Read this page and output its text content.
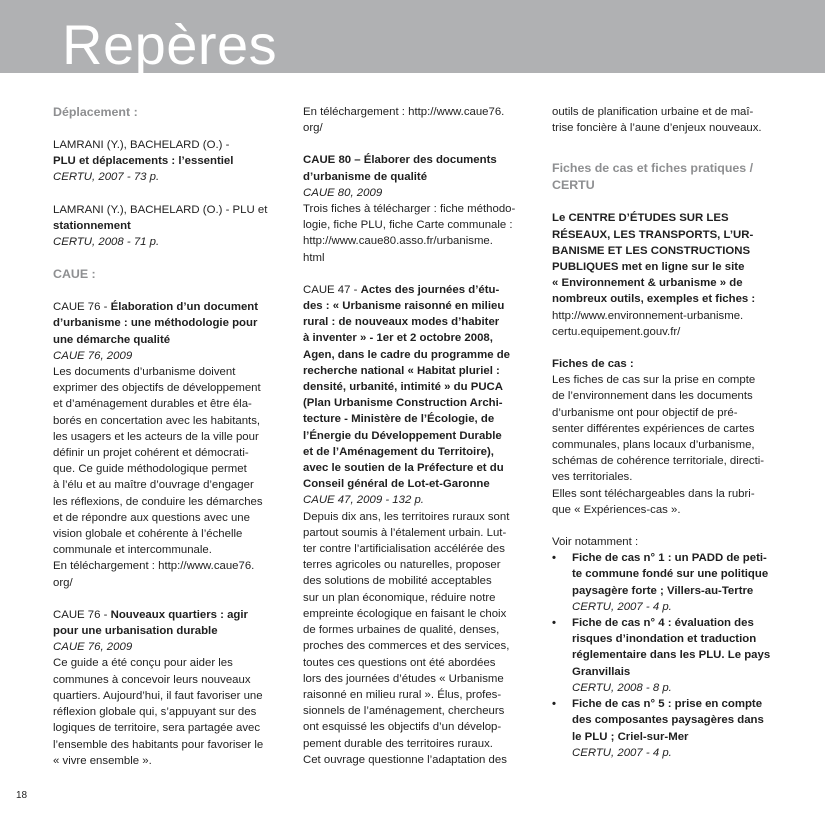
Repères

Déplacement :

LAMRANI (Y.), BACHELARD (O.) -

PLU et déplacements : l’essentiel

CERTU, 2007 - 73 p.

LAMRANI (Y.), BACHELARD (O.) - PLU et

stationnement

CERTU, 2008 - 71 p.

CAUE :

CAUE 76 - Élaboration d’un document

d’urbanisme : une méthodologie pour

une démarche qualité

CAUE 76, 2009

Les documents d’urbanisme doivent

exprimer des objectifs de développement

et d’aménagement durables et être éla-

borés en concertation avec les habitants,

les usagers et les acteurs de la ville pour

définir un projet cohérent et démocrati-

que. Ce guide méthodologique permet

à l’élu et au maître d’ouvrage d’engager

les réflexions, de conduire les démarches

et de répondre aux questions avec une

vision globale et cohérente à l’échelle

communale et intercommunale.

En téléchargement : http://www.caue76.

org/

CAUE 76 - Nouveaux quartiers : agir

pour une urbanisation durable

CAUE 76, 2009

Ce guide a été conçu pour aider les

communes à concevoir leurs nouveaux

quartiers. Aujourd’hui, il faut favoriser une

réflexion globale qui, s’appuyant sur des

logiques de territoire, sera partagée avec

l’ensemble des habitants pour favoriser le

« vivre ensemble ».

En téléchargement : http://www.caue76.

org/

CAUE 80 – Élaborer des documents

d’urbanisme de qualité

CAUE 80, 2009

Trois fiches à télécharger : fiche méthodo-

logie, fiche PLU, fiche Carte communale :

http://www.caue80.asso.fr/urbanisme.

html

CAUE 47 - Actes des journées d’étu-

des : « Urbanisme raisonné en milieu

rural : de nouveaux modes d’habiter

à inventer » - 1er et 2 octobre 2008,

Agen, dans le cadre du programme de

recherche national « Habitat pluriel :

densité, urbanité, intimité » du PUCA

(Plan Urbanisme Construction Archi-

tecture - Ministère de l’Écologie, de

l’Énergie du Développement Durable

et de l’Aménagement du Territoire),

avec le soutien de la Préfecture et du

Conseil général de Lot-et-Garonne

CAUE 47, 2009 - 132 p.

Depuis dix ans, les territoires ruraux sont

partout soumis à l’étalement urbain. Lut-

ter contre l’artificialisation accélérée des

terres agricoles ou naturelles, proposer

des solutions de mobilité acceptables

sur un plan économique, réduire notre

empreinte écologique en faisant le choix

de formes urbaines de qualité, denses,

proches des commerces et des services,

toutes ces questions ont été abordées

lors des journées d’études « Urbanisme

raisonné en milieu rural ». Élus, profes-

sionnels de l’aménagement, chercheurs

ont esquissé les objectifs d’un dévelop-

pement durable des territoires ruraux.

Cet ouvrage questionne l’adaptation des

outils de planification urbaine et de maî-

trise foncière à l’aune d’enjeux nouveaux.

Fiches de cas et fiches pratiques /

CERTU

Le CENTRE D’ÉTUDES SUR LES

RÉSEAUX, LES TRANSPORTS, L’UR-

BANISME ET LES CONSTRUCTIONS

PUBLIQUES met en ligne sur le site

« Environnement & urbanisme » de

nombreux outils, exemples et fiches :

http://www.environnement-urbanisme.

certu.equipement.gouv.fr/

Fiches de cas :

Les fiches de cas sur la prise en compte

de l’environnement dans les documents

d’urbanisme ont pour objectif de pré-

senter différentes expériences de cartes

communales, plans locaux d’urbanisme,

schémas de cohérence territoriale, directi-

ves territoriales.

Elles sont téléchargeables dans la rubri-

que « Expériences-cas ».

Voir notamment :

• Fiche de cas n° 1 : un PADD de peti-

te commune fondé sur une politique

paysagère forte ; Villers-au-Tertre

CERTU, 2007 - 4 p.

• Fiche de cas n° 4 : évaluation des

risques d’inondation et traduction

réglementaire dans les PLU. Le pays

Granvillais

CERTU, 2008 - 8 p.

• Fiche de cas n° 5 : prise en compte

des composantes paysagères dans

le PLU ; Criel-sur-Mer

CERTU, 2007 - 4 p.

18
